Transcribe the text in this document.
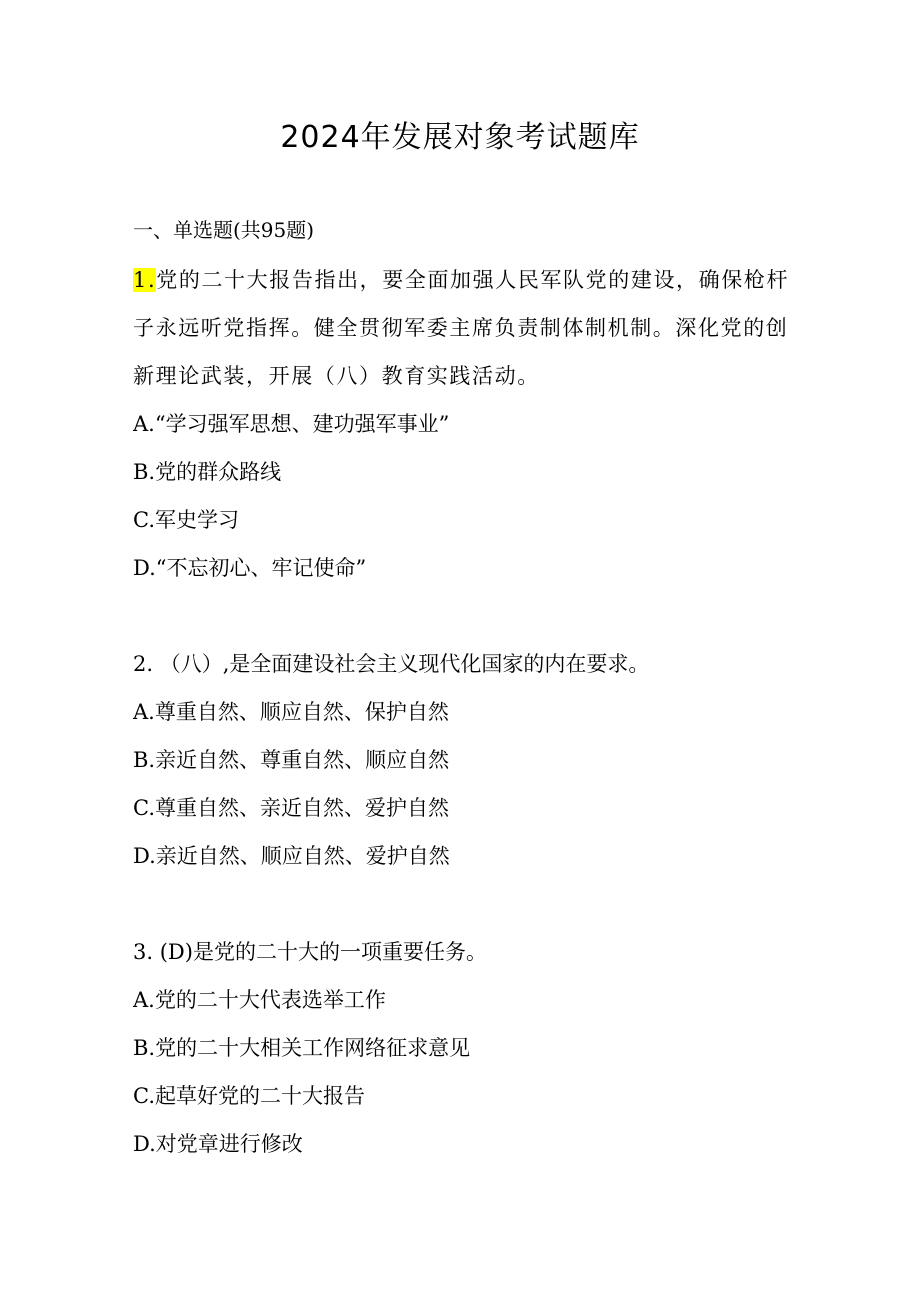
2024年发展对象考试题库
一、单选题(共95题)
1.党的二十大报告指出，要全面加强人民军队党的建设，确保枪杆子永远听党指挥。健全贯彻军委主席负责制体制机制。深化党的创新理论武装，开展（八）教育实践活动。
A.“学习强军思想、建功强军事业”
B.党的群众路线
C.军史学习
D.“不忘初心、牢记使命”
2. （八）,是全面建设社会主义现代化国家的内在要求。
A.尊重自然、顺应自然、保护自然
B.亲近自然、尊重自然、顺应自然
C.尊重自然、亲近自然、爱护自然
D.亲近自然、顺应自然、爱护自然
3. (D)是党的二十大的一项重要任务。
A.党的二十大代表选举工作
B.党的二十大相关工作网络征求意见
C.起草好党的二十大报告
D.对党章进行修改
